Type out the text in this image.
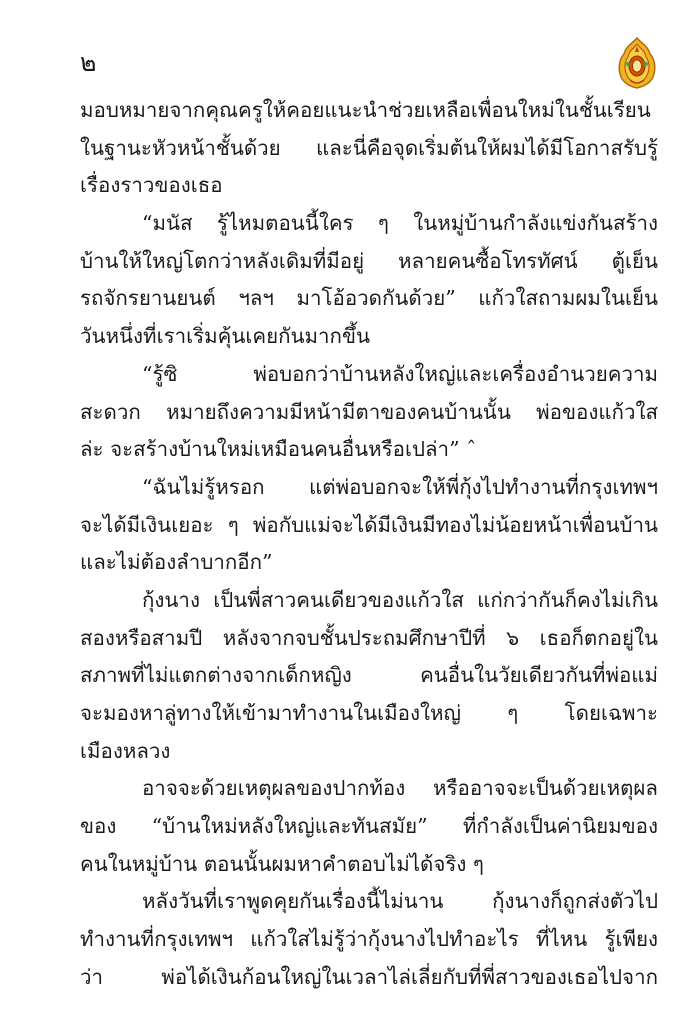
๒
มอบหมายจากคุณครูให้คอยแนะนำช่วยเหลือเพื่อนใหม่ในชั้นเรียน
ในฐานะหัวหน้าชั้นด้วย และนี่คือจุดเริ่มต้นให้ผมได้มีโอกาสรับรู้
เรื่องราวของเธอ
“มนัส รู้ไหมตอนนี้ใคร ๆ ในหมู่บ้านกำลังแข่งกันสร้าง
บ้านให้ใหญ่โตกว่าหลังเดิมที่มีอยู่ หลายคนซื้อโทรทัศน์ ตู้เย็น
รถจักรยานยนต์ ฯลฯ มาโอ้อวดกันด้วย” แก้วใสถามผมในเย็น
วันหนึ่งที่เราเริ่มคุ้นเคยกันมากขึ้น
“รู้ซิ พ่อบอกว่าบ้านหลังใหญ่และเครื่องอำนวยความ
สะดวก หมายถึงความมีหน้ามีตาของคนบ้านนั้น พ่อของแก้วใส
ล่ะ จะสร้างบ้านใหม่เหมือนคนอื่นหรือเปล่า” ˆ
“ฉันไม่รู้หรอก แต่พ่อบอกจะให้พี่กุ้งไปทำงานที่กรุงเทพฯ
จะได้มีเงินเยอะ ๆ พ่อกับแม่จะได้มีเงินมีทองไม่น้อยหน้าเพื่อนบ้าน
และไม่ต้องลำบากอีก”
กุ้งนาง เป็นพี่สาวคนเดียวของแก้วใส แก่กว่ากันก็คงไม่เกิน
สองหรือสามปี หลังจากจบชั้นประถมศึกษาปีที่ ๖ เธอก็ตกอยู่ใน
สภาพที่ไม่แตกต่างจากเด็กหญิง คนอื่นในวัยเดียวกันที่พ่อแม่
จะมองหาลู่ทางให้เข้ามาทำงานในเมืองใหญ่ ๆ โดยเฉพาะ
เมืองหลวง
อาจจะด้วยเหตุผลของปากท้อง หรืออาจจะเป็นด้วยเหตุผล
ของ “บ้านใหม่หลังใหญ่และทันสมัย” ที่กำลังเป็นค่านิยมของ
คนในหมู่บ้าน ตอนนั้นผมหาคำตอบไม่ได้จริง ๆ
หลังวันที่เราพูดคุยกันเรื่องนี้ไม่นาน กุ้งนางก็ถูกส่งตัวไป
ทำงานที่กรุงเทพฯ แก้วใสไม่รู้ว่ากุ้งนางไปทำอะไร ที่ไหน รู้เพียง
ว่า พ่อได้เงินก้อนใหญ่ในเวลาไล่เลี่ยกับที่พี่สาวของเธอไปจาก
